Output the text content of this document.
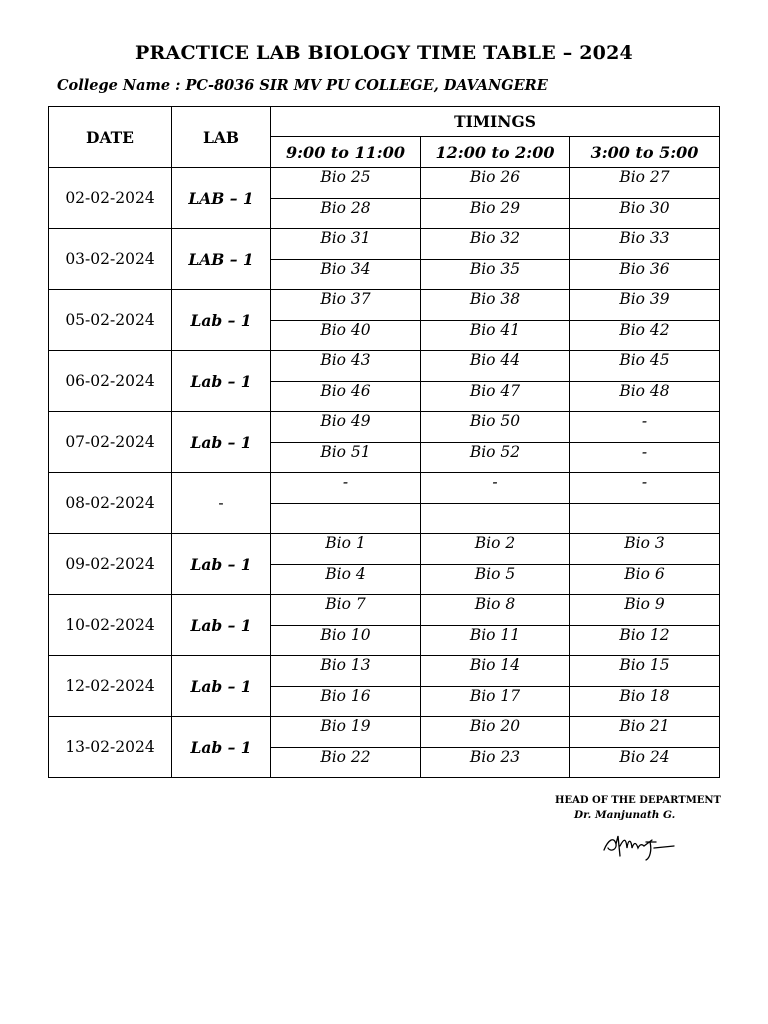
PRACTICE LAB BIOLOGY TIME TABLE – 2024
College Name : PC-8036 SIR MV PU COLLEGE, DAVANGERE
DATE	LAB	TIMINGS		
		9:00 to 11:00	12:00 to 2:00	3:00 to 5:00
02-02-2024	LAB – 1	Bio 25	Bio 26	Bio 27
		Bio 28	Bio 29	Bio 30
03-02-2024	LAB – 1	Bio 31	Bio 32	Bio 33
		Bio 34	Bio 35	Bio 36
05-02-2024	Lab – 1	Bio 37	Bio 38	Bio 39
		Bio 40	Bio 41	Bio 42
06-02-2024	Lab – 1	Bio 43	Bio 44	Bio 45
		Bio 46	Bio 47	Bio 48
07-02-2024	Lab – 1	Bio 49	Bio 50	-
		Bio 51	Bio 52	-
08-02-2024	-	-	-	-

09-02-2024	Lab – 1	Bio 1	Bio 2	Bio 3
		Bio 4	Bio 5	Bio 6
10-02-2024	Lab – 1	Bio 7	Bio 8	Bio 9
		Bio 10	Bio 11	Bio 12
12-02-2024	Lab – 1	Bio 13	Bio 14	Bio 15
		Bio 16	Bio 17	Bio 18
13-02-2024	Lab – 1	Bio 19	Bio 20	Bio 21
		Bio 22	Bio 23	Bio 24
HEAD OF THE DEPARTMENT
Dr. Manjunath G.
